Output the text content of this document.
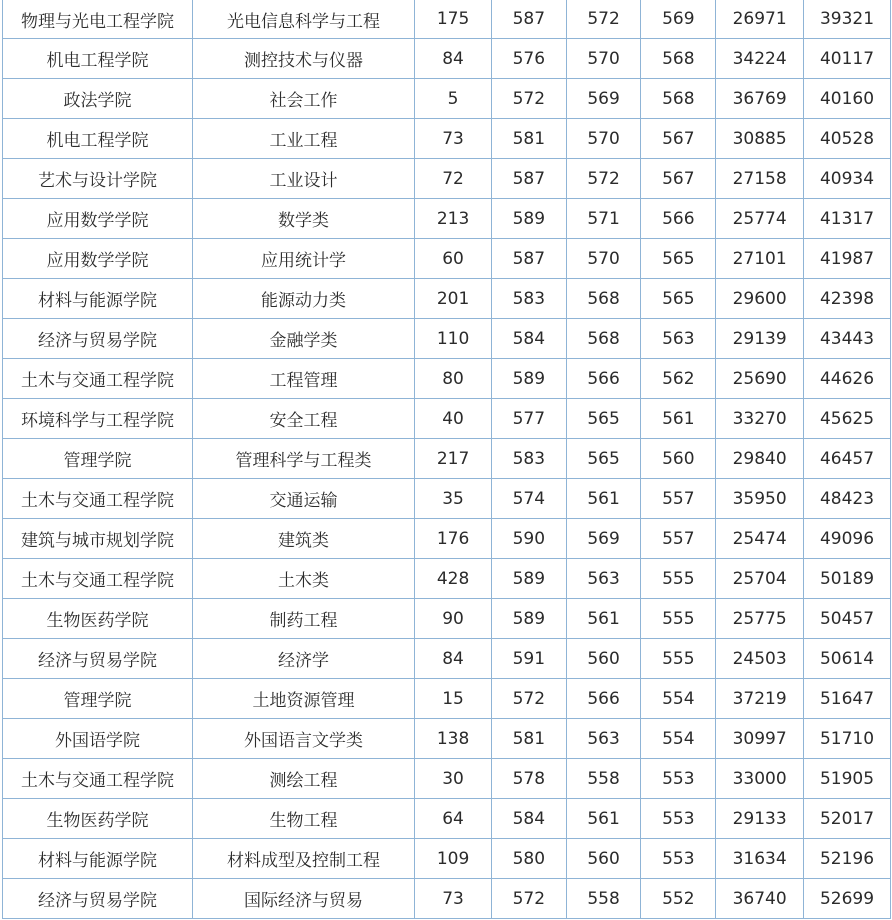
物理与光电工程学院	光电信息科学与工程	175	587	572	569	26971	39321
机电工程学院	测控技术与仪器	84	576	570	568	34224	40117
政法学院	社会工作	5	572	569	568	36769	40160
机电工程学院	工业工程	73	581	570	567	30885	40528
艺术与设计学院	工业设计	72	587	572	567	27158	40934
应用数学学院	数学类	213	589	571	566	25774	41317
应用数学学院	应用统计学	60	587	570	565	27101	41987
材料与能源学院	能源动力类	201	583	568	565	29600	42398
经济与贸易学院	金融学类	110	584	568	563	29139	43443
土木与交通工程学院	工程管理	80	589	566	562	25690	44626
环境科学与工程学院	安全工程	40	577	565	561	33270	45625
管理学院	管理科学与工程类	217	583	565	560	29840	46457
土木与交通工程学院	交通运输	35	574	561	557	35950	48423
建筑与城市规划学院	建筑类	176	590	569	557	25474	49096
土木与交通工程学院	土木类	428	589	563	555	25704	50189
生物医药学院	制药工程	90	589	561	555	25775	50457
经济与贸易学院	经济学	84	591	560	555	24503	50614
管理学院	土地资源管理	15	572	566	554	37219	51647
外国语学院	外国语言文学类	138	581	563	554	30997	51710
土木与交通工程学院	测绘工程	30	578	558	553	33000	51905
生物医药学院	生物工程	64	584	561	553	29133	52017
材料与能源学院	材料成型及控制工程	109	580	560	553	31634	52196
经济与贸易学院	国际经济与贸易	73	572	558	552	36740	52699
